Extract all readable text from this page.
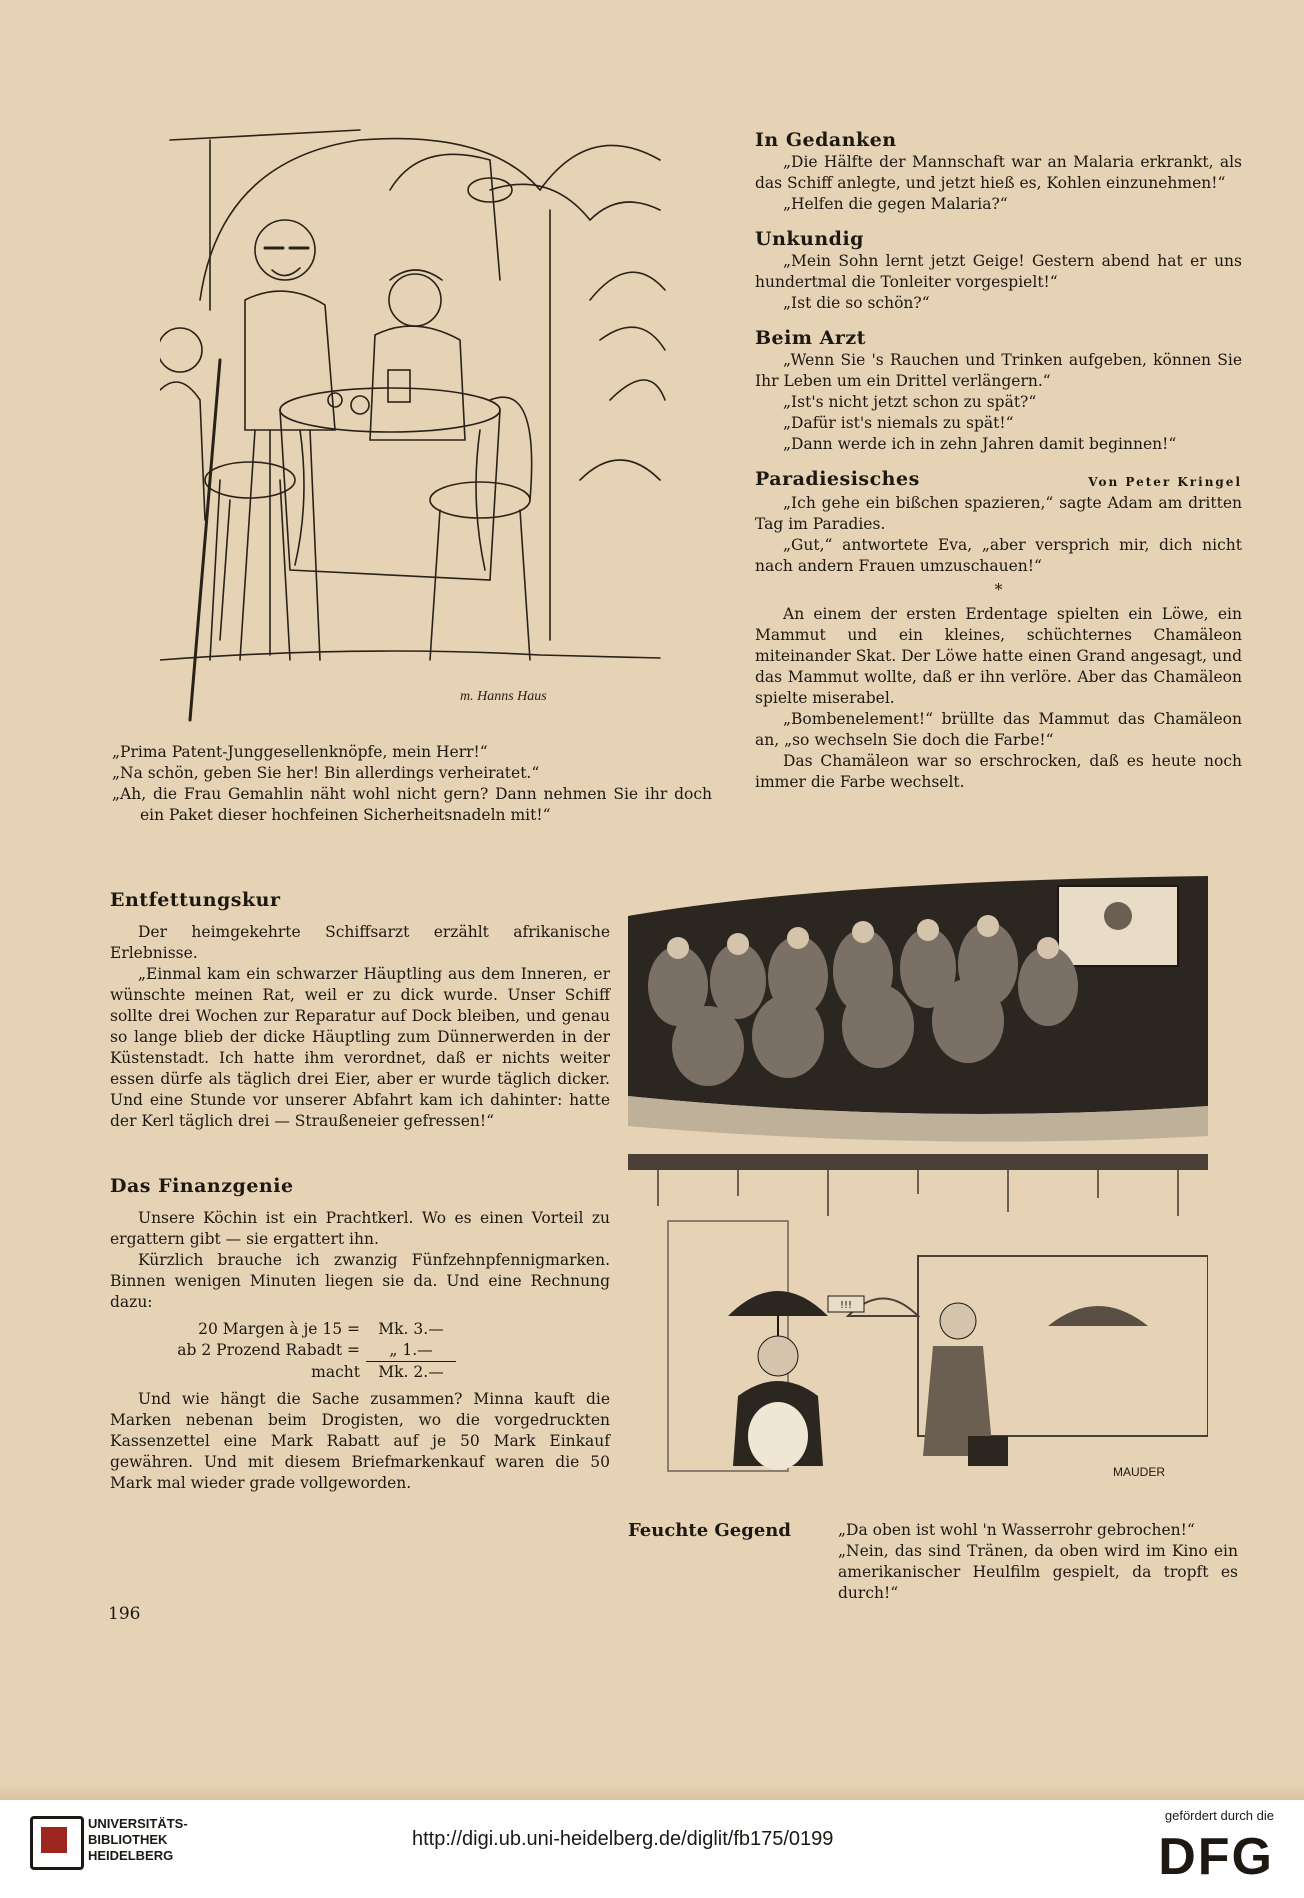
m. Hanns Haus

„Prima Patent-Junggesellenknöpfe, mein Herr!“

„Na schön, geben Sie her! Bin allerdings verheiratet.“

„Ah, die Frau Gemahlin näht wohl nicht gern? Dann nehmen Sie ihr doch ein Paket dieser hochfeinen Sicherheitsnadeln mit!“

In Gedanken

„Die Hälfte der Mannschaft war an Malaria erkrankt, als das Schiff anlegte, und jetzt hieß es, Kohlen einzunehmen!“

„Helfen die gegen Malaria?“

Unkundig

„Mein Sohn lernt jetzt Geige! Gestern abend hat er uns hundertmal die Tonleiter vorgespielt!“

„Ist die so schön?“

Beim Arzt

„Wenn Sie 's Rauchen und Trinken aufgeben, können Sie Ihr Leben um ein Drittel verlängern.“

„Ist's nicht jetzt schon zu spät?“

„Dafür ist's niemals zu spät!“

„Dann werde ich in zehn Jahren damit beginnen!“

Von Peter Kringel
Paradiesisches

„Ich gehe ein bißchen spazieren,“ sagte Adam am dritten Tag im Paradies.

„Gut,“ antwortete Eva, „aber versprich mir, dich nicht nach andern Frauen umzuschauen!“

*

An einem der ersten Erdentage spielten ein Löwe, ein Mammut und ein kleines, schüchternes Chamäleon miteinander Skat. Der Löwe hatte einen Grand angesagt, und das Mammut wollte, daß er ihn verlöre. Aber das Chamäleon spielte miserabel.

„Bombenelement!“ brüllte das Mammut das Chamäleon an, „so wechseln Sie doch die Farbe!“

Das Chamäleon war so erschrocken, daß es heute noch immer die Farbe wechselt.

Entfettungskur

Der heimgekehrte Schiffsarzt erzählt afrikanische Erlebnisse.

„Einmal kam ein schwarzer Häuptling aus dem Inneren, er wünschte meinen Rat, weil er zu dick wurde. Unser Schiff sollte drei Wochen zur Reparatur auf Dock bleiben, und genau so lange blieb der dicke Häuptling zum Dünnerwerden in der Küstenstadt. Ich hatte ihm verordnet, daß er nichts weiter essen dürfe als täglich drei Eier, aber er wurde täglich dicker. Und eine Stunde vor unserer Abfahrt kam ich dahinter: hatte der Kerl täglich drei — Straußeneier gefressen!“

Das Finanzgenie

Unsere Köchin ist ein Prachtkerl. Wo es einen Vorteil zu ergattern gibt — sie ergattert ihn.

Kürzlich brauche ich zwanzig Fünfzehnpfennigmarken. Binnen wenigen Minuten liegen sie da. Und eine Rechnung dazu:

20 Margen à je 15 =	Mk. 3.—
ab 2 Prozend Rabadt =	„ 1.—
macht	Mk. 2.—

Und wie hängt die Sache zusammen? Minna kauft die Marken nebenan beim Drogisten, wo die vorgedruckten Kassenzettel eine Mark Rabatt auf je 50 Mark Einkauf gewähren. Und mit diesem Briefmarkenkauf waren die 50 Mark mal wieder grade vollgeworden.

196
!!!
MAUDER
Feuchte Gegend	„Da oben ist wohl 'n Wasserrohr gebrochen!“

„Nein, das sind Tränen, da oben wird im Kino ein amerikanischer Heulfilm gespielt, da tropft es durch!“

UNIVERSITÄTS-
BIBLIOTHEK
HEIDELBERG
http://digi.ub.uni-heidelberg.de/diglit/fb175/0199
gefördert durch die
DFG
